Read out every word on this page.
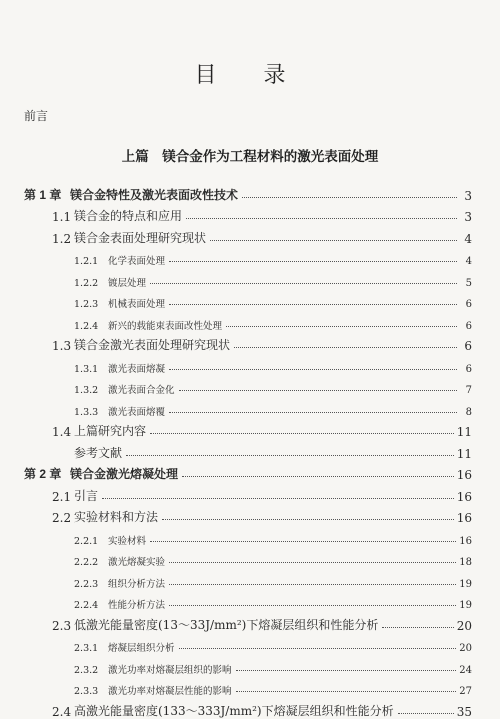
目 录
前言
上篇　镁合金作为工程材料的激光表面处理
第 1 章 镁合金特性及激光表面改性技术	3
1.1 镁合金的特点和应用	3
1.2 镁合金表面处理研究现状	4
1.2.1	化学表面处理	4
1.2.2	镀层处理	5
1.2.3	机械表面处理	6
1.2.4	新兴的载能束表面改性处理	6
1.3 镁合金激光表面处理研究现状	6
1.3.1	激光表面熔凝	6
1.3.2	激光表面合金化	7
1.3.3	激光表面熔覆	8
1.4 上篇研究内容	11
参考文献	11
第 2 章 镁合金激光熔凝处理	16
2.1 引言	16
2.2 实验材料和方法	16
2.2.1	实验材料	16
2.2.2	激光熔凝实验	18
2.2.3	组织分析方法	19
2.2.4	性能分析方法	19
2.3 低激光能量密度(13～33J/mm²)下熔凝层组织和性能分析	20
2.3.1	熔凝层组织分析	20
2.3.2	激光功率对熔凝层组织的影响	24
2.3.3	激光功率对熔凝层性能的影响	27
2.4 高激光能量密度(133～333J/mm²)下熔凝层组织和性能分析	35
